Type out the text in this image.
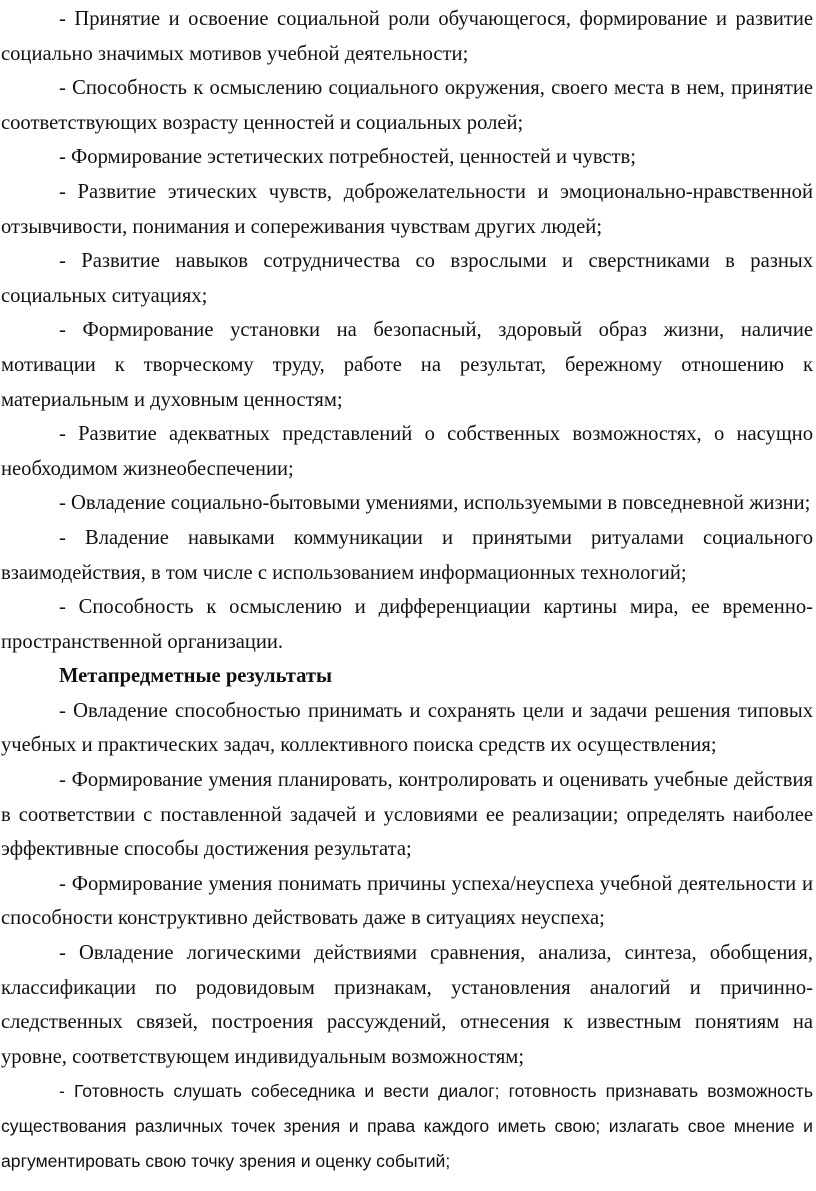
- Принятие и освоение социальной роли обучающегося, формирование и развитие социально значимых мотивов учебной деятельности;

- Способность к осмыслению социального окружения, своего места в нем, принятие соответствующих возрасту ценностей и социальных ролей;

- Формирование эстетических потребностей, ценностей и чувств;

- Развитие этических чувств, доброжелательности и эмоционально-нравственной отзывчивости, понимания и сопереживания чувствам других людей;

- Развитие навыков сотрудничества со взрослыми и сверстниками в разных социальных ситуациях;

- Формирование установки на безопасный, здоровый образ жизни, наличие мотивации к творческому труду, работе на результат, бережному отношению к материальным и духовным ценностям;

- Развитие адекватных представлений о собственных возможностях, о насущно необходимом жизнеобеспечении;

- Овладение социально-бытовыми умениями, используемыми в повседневной жизни;

- Владение навыками коммуникации и принятыми ритуалами социального взаимодействия, в том числе с использованием информационных технологий;

- Способность к осмыслению и дифференциации картины мира, ее временно-пространственной организации.

Метапредметные результаты

- Овладение способностью принимать и сохранять цели и задачи решения типовых учебных и практических задач, коллективного поиска средств их осуществления;

- Формирование умения планировать, контролировать и оценивать учебные действия в соответствии с поставленной задачей и условиями ее реализации; определять наиболее эффективные способы достижения результата;

- Формирование умения понимать причины успеха/неуспеха учебной деятельности и способности конструктивно действовать даже в ситуациях неуспеха;

- Овладение логическими действиями сравнения, анализа, синтеза, обобщения, классификации по родовидовым признакам, установления аналогий и причинно-следственных связей, построения рассуждений, отнесения к известным понятиям на уровне, соответствующем индивидуальным возможностям;

- Готовность слушать собеседника и вести диалог; готовность признавать возможность существования различных точек зрения и права каждого иметь свою; излагать свое мнение и аргументировать свою точку зрения и оценку событий;
